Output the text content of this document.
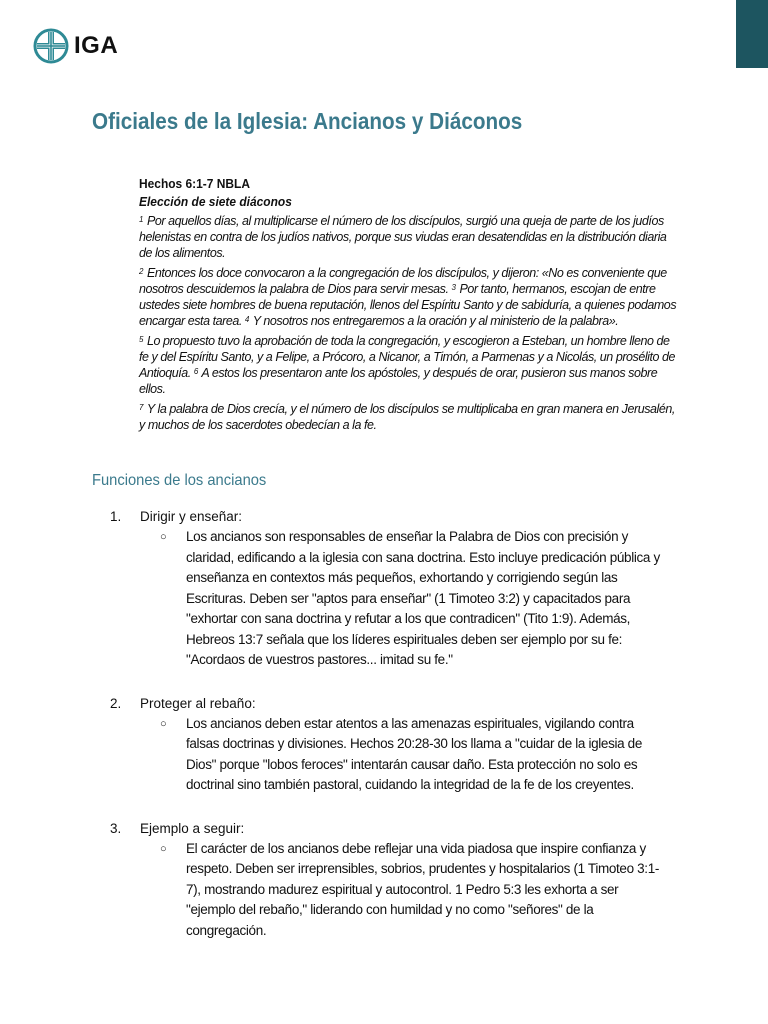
IGA
Oficiales de la Iglesia: Ancianos y Diáconos

Hechos 6:1-7 NBLA

Elección de siete diáconos

$^1$ Por aquellos días, al multiplicarse el número de los discípulos, surgió una queja de parte de los judíos helenistas en contra de los judíos nativos, porque sus viudas eran desatendidas en la distribución diaria de los alimentos.

$^2$ Entonces los doce convocaron a la congregación de los discípulos, y dijeron: «No es conveniente que nosotros descuidemos la palabra de Dios para servir mesas. $^3$ Por tanto, hermanos, escojan de entre ustedes siete hombres de buena reputación, llenos del Espíritu Santo y de sabiduría, a quienes podamos encargar esta tarea. $^4$ Y nosotros nos entregaremos a la oración y al ministerio de la palabra».

$^5$ Lo propuesto tuvo la aprobación de toda la congregación, y escogieron a Esteban, un hombre lleno de fe y del Espíritu Santo, y a Felipe, a Prócoro, a Nicanor, a Timón, a Parmenas y a Nicolás, un prosélito de Antioquía. $^6$ A estos los presentaron ante los apóstoles, y después de orar, pusieron sus manos sobre ellos.

$^7$ Y la palabra de Dios crecía, y el número de los discípulos se multiplicaba en gran manera en Jerusalén, y muchos de los sacerdotes obedecían a la fe.

Funciones de los ancianos
1.	Dirigir y enseñar:
○	Los ancianos son responsables de enseñar la Palabra de Dios con precisión y claridad, edificando a la iglesia con sana doctrina. Esto incluye predicación pública y enseñanza en contextos más pequeños, exhortando y corrigiendo según las Escrituras. Deben ser "aptos para enseñar" (1 Timoteo 3:2) y capacitados para "exhortar con sana doctrina y refutar a los que contradicen" (Tito 1:9). Además, Hebreos 13:7 señala que los líderes espirituales deben ser ejemplo por su fe: "Acordaos de vuestros pastores... imitad su fe."
2.	Proteger al rebaño:
○	Los ancianos deben estar atentos a las amenazas espirituales, vigilando contra falsas doctrinas y divisiones. Hechos 20:28-30 los llama a "cuidar de la iglesia de Dios" porque "lobos feroces" intentarán causar daño. Esta protección no solo es doctrinal sino también pastoral, cuidando la integridad de la fe de los creyentes.
3.	Ejemplo a seguir:
○	El carácter de los ancianos debe reflejar una vida piadosa que inspire confianza y respeto. Deben ser irreprensibles, sobrios, prudentes y hospitalarios (1 Timoteo 3:1-7), mostrando madurez espiritual y autocontrol. 1 Pedro 5:3 les exhorta a ser "ejemplo del rebaño," liderando con humildad y no como "señores" de la congregación.
